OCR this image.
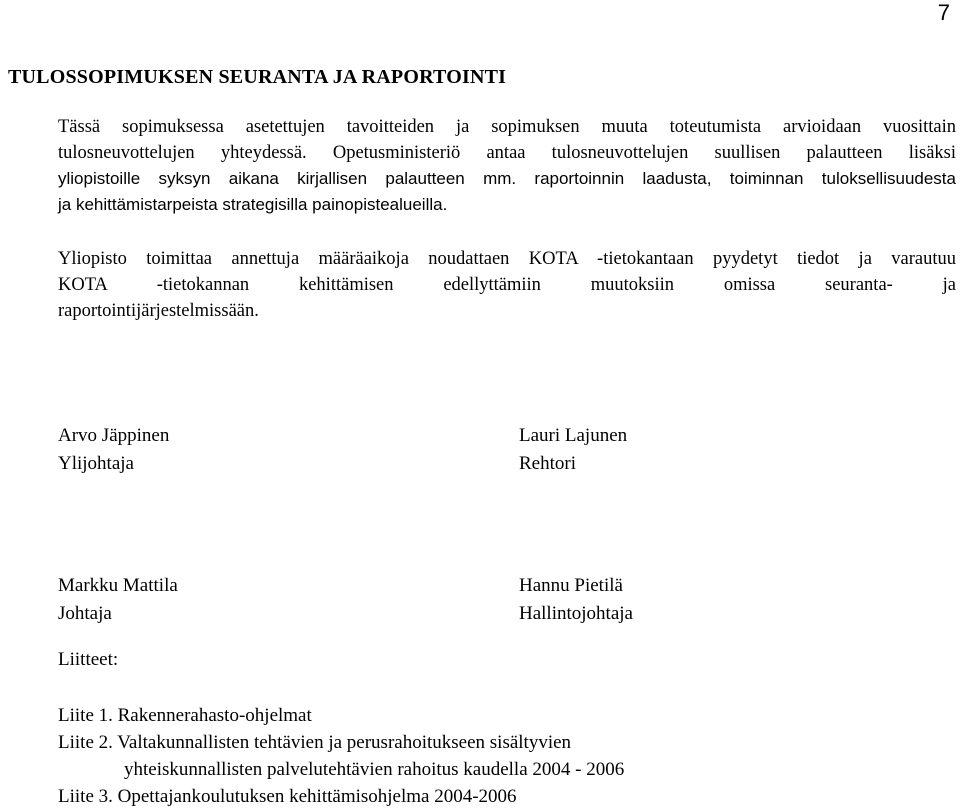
7
TULOSSOPIMUKSEN SEURANTA JA RAPORTOINTI
Tässä sopimuksessa asetettujen tavoitteiden ja sopimuksen muuta toteutumista arvioidaan vuosittain
tulosneuvottelujen yhteydessä. Opetusministeriö antaa tulosneuvottelujen suullisen palautteen lisäksi
yliopistoille syksyn aikana kirjallisen palautteen mm. raportoinnin laadusta, toiminnan tuloksellisuudesta
ja kehittämistarpeista strategisilla painopistealueilla.
Yliopisto toimittaa annettuja määräaikoja noudattaen KOTA -tietokantaan pyydetyt tiedot ja varautuu
KOTA -tietokannan kehittämisen edellyttämiin muutoksiin omissa seuranta- ja
raportointijärjestelmissään.
Arvo Jäppinen
Ylijohtaja
Lauri Lajunen
Rehtori
Markku Mattila
Johtaja
Hannu Pietilä
Hallintojohtaja
Liitteet:
Liite 1. Rakennerahasto-ohjelmat
Liite 2. Valtakunnallisten tehtävien ja perusrahoitukseen sisältyvien
yhteiskunnallisten palvelutehtävien rahoitus kaudella 2004 - 2006
Liite 3. Opettajankoulutuksen kehittämisohjelma 2004-2006
